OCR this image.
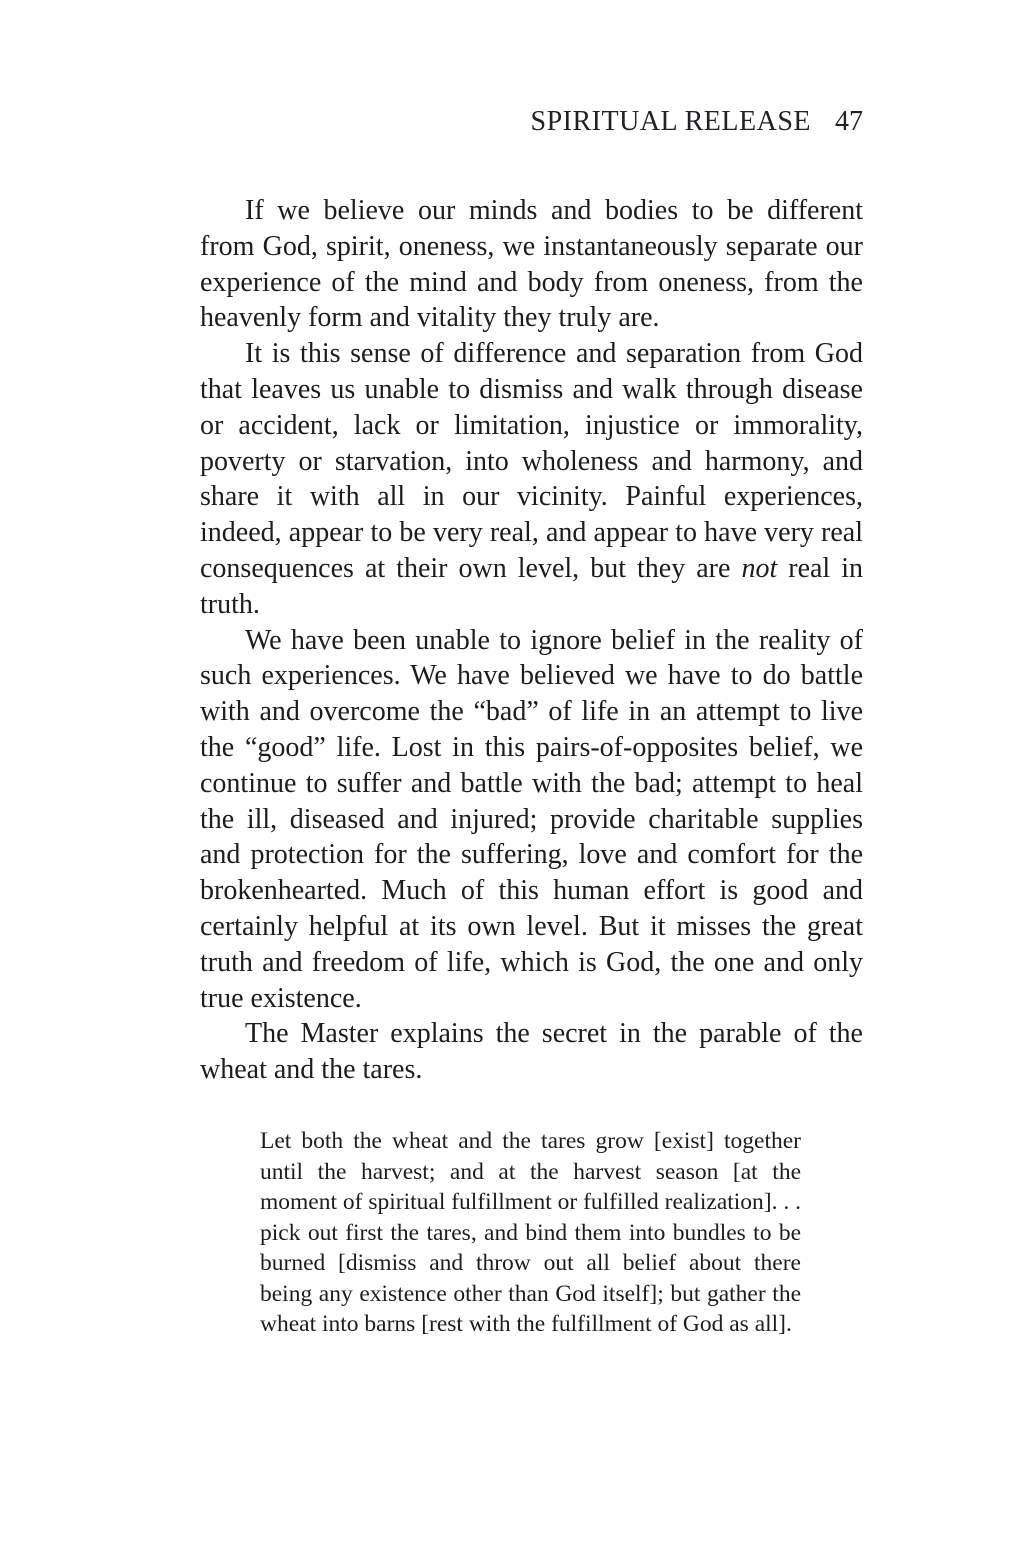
SPIRITUAL RELEASE 47

If we believe our minds and bodies to be different from God, spirit, oneness, we instantaneously separate our experience of the mind and body from oneness, from the heavenly form and vitality they truly are.

It is this sense of difference and separation from God that leaves us unable to dismiss and walk through disease or accident, lack or limitation, injustice or immorality, poverty or starvation, into wholeness and harmony, and share it with all in our vicinity. Painful experiences, indeed, appear to be very real, and appear to have very real consequences at their own level, but they are not real in truth.

We have been unable to ignore belief in the reality of such experiences. We have believed we have to do battle with and overcome the “bad” of life in an attempt to live the “good” life. Lost in this pairs-of-opposites belief, we continue to suffer and battle with the bad; attempt to heal the ill, diseased and injured; provide charitable supplies and protection for the suffering, love and comfort for the brokenhearted. Much of this human effort is good and certainly helpful at its own level. But it misses the great truth and freedom of life, which is God, the one and only true existence.

The Master explains the secret in the parable of the wheat and the tares.

Let both the wheat and the tares grow [exist] together until the harvest; and at the harvest season [at the moment of spiritual fulfillment or fulfilled realization]. . . pick out first the tares, and bind them into bundles to be burned [dismiss and throw out all belief about there being any existence other than God itself]; but gather the wheat into barns [rest with the fulfillment of God as all].
